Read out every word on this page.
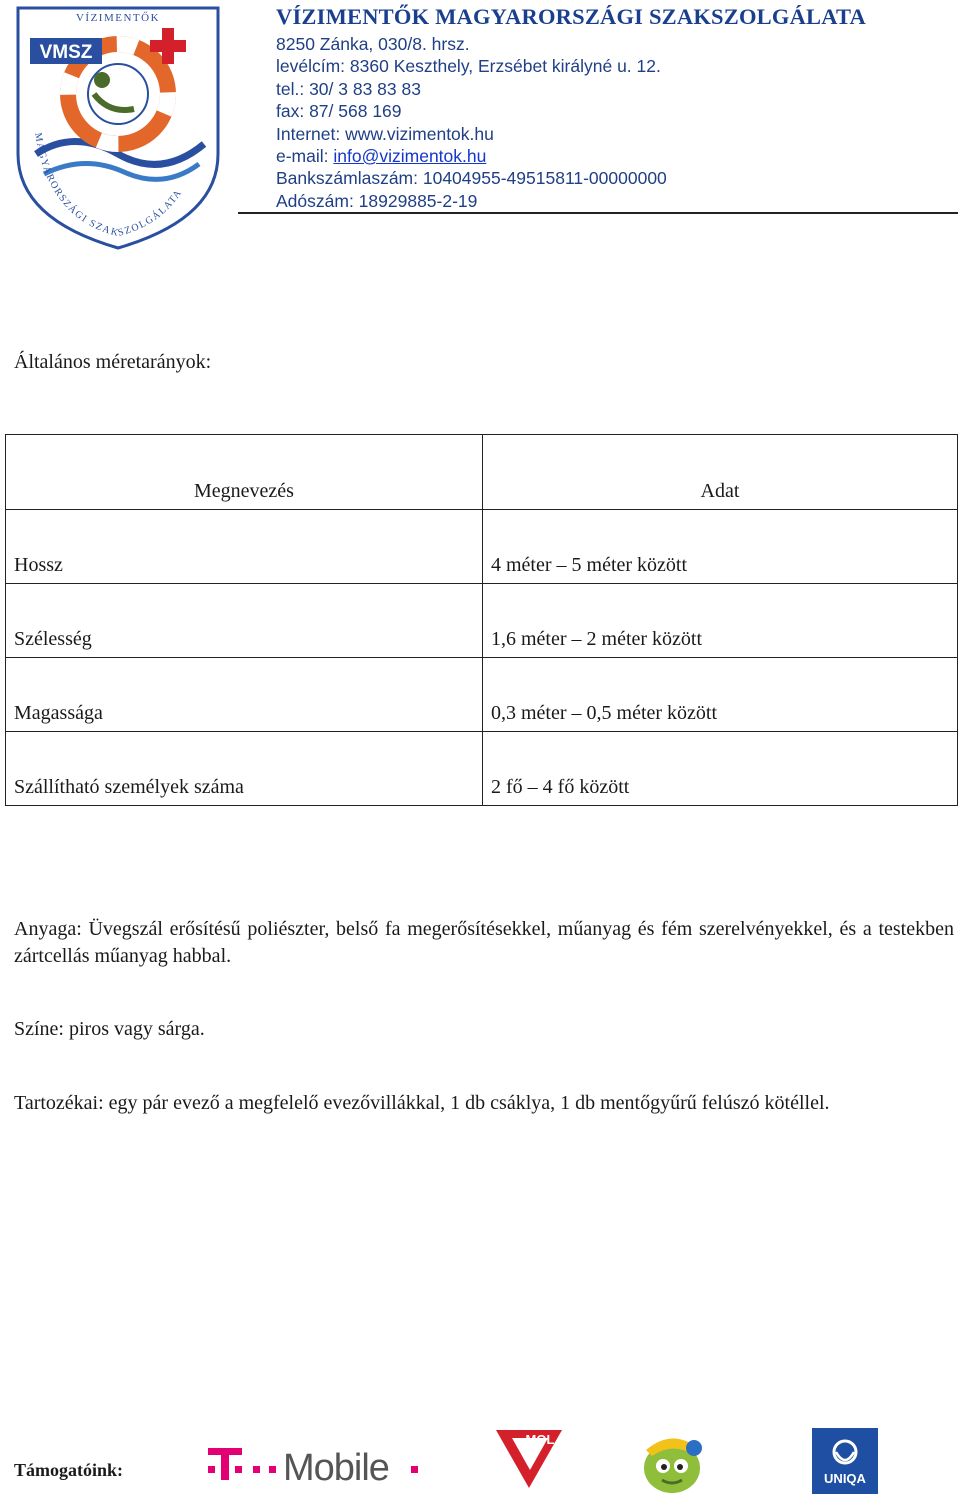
VÍZIMENTŐK
VMSZ
MAGYARORSZÁGI SZAKSZOLGÁLATA
VÍZIMENTŐK MAGYARORSZÁGI SZAKSZOLGÁLATA
8250 Zánka, 030/8. hrsz.
levélcím: 8360 Keszthely, Erzsébet királyné u. 12.
tel.: 30/ 3 83 83 83
fax: 87/ 568 169
Internet: www.vizimentok.hu
e-mail: info@vizimentok.hu
Bankszámlaszám: 10404955-49515811-00000000
Adószám: 18929885-2-19
Általános méretarányok:
Megnevezés	Adat
Hossz	4 méter – 5 méter között
Szélesség	1,6 méter – 2 méter között
Magassága	0,3 méter – 0,5 méter között
Szállítható személyek száma	2 fő – 4 fő között
Anyaga: Üvegszál erősítésű poliészter, belső fa megerősítésekkel, műanyag és fém szerelvényekkel, és a testekben zártcellás műanyag habbal.
Színe: piros vagy sárga.
Tartozékai: egy pár evező a megfelelő evezővillákkal, 1 db csáklya, 1 db mentőgyűrű felúszó kötéllel.
Támogatóink:	Mobile
MOL
UNIQA
